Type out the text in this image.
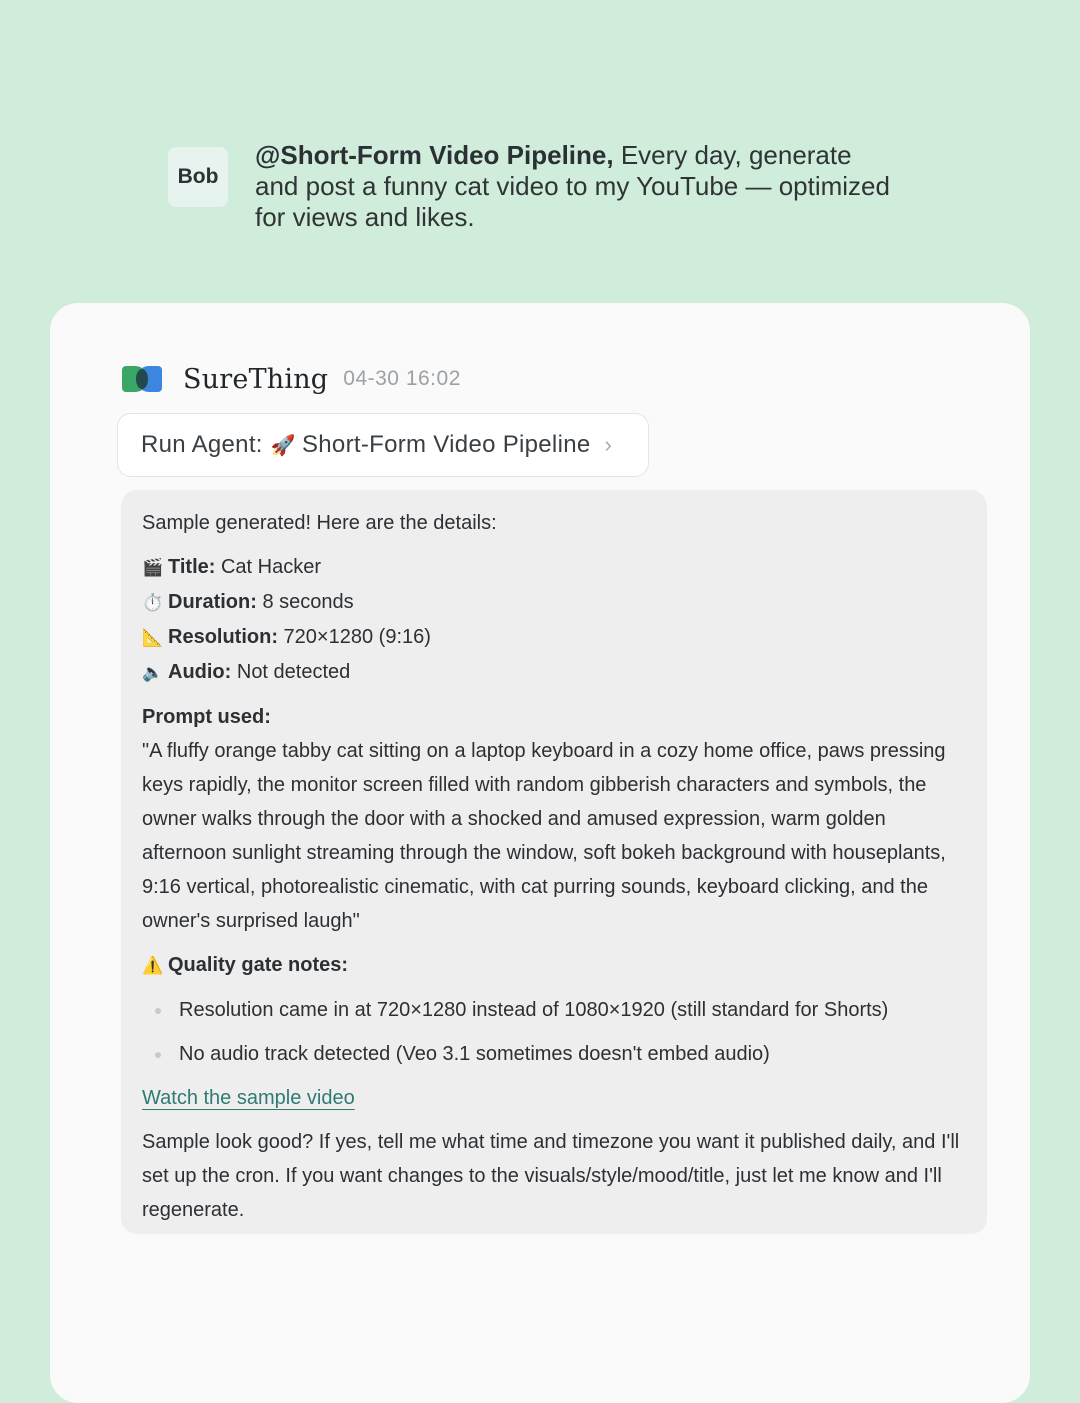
Bob
@Short-Form Video Pipeline, Every day, generate and post a funny cat video to my YouTube — optimized for views and likes.
SureThing 04-30 16:02
Run Agent: 🚀 Short-Form Video Pipeline ›

Sample generated! Here are the details:

🎬 Title: Cat Hacker

⏱️ Duration: 8 seconds

📐 Resolution: 720×1280 (9:16)

🔈 Audio: Not detected

Prompt used:

"A fluffy orange tabby cat sitting on a laptop keyboard in a cozy home office, paws pressing keys rapidly, the monitor screen filled with random gibberish characters and symbols, the owner walks through the door with a shocked and amused expression, warm golden afternoon sunlight streaming through the window, soft bokeh background with houseplants, 9:16 vertical, photorealistic cinematic, with cat purring sounds, keyboard clicking, and the owner's surprised laugh"

⚠️ Quality gate notes:

Resolution came in at 720×1280 instead of 1080×1920 (still standard for Shorts)
No audio track detected (Veo 3.1 sometimes doesn't embed audio)
Watch the sample video

Sample look good? If yes, tell me what time and timezone you want it published daily, and I'll set up the cron. If you want changes to the visuals/style/mood/title, just let me know and I'll regenerate.
